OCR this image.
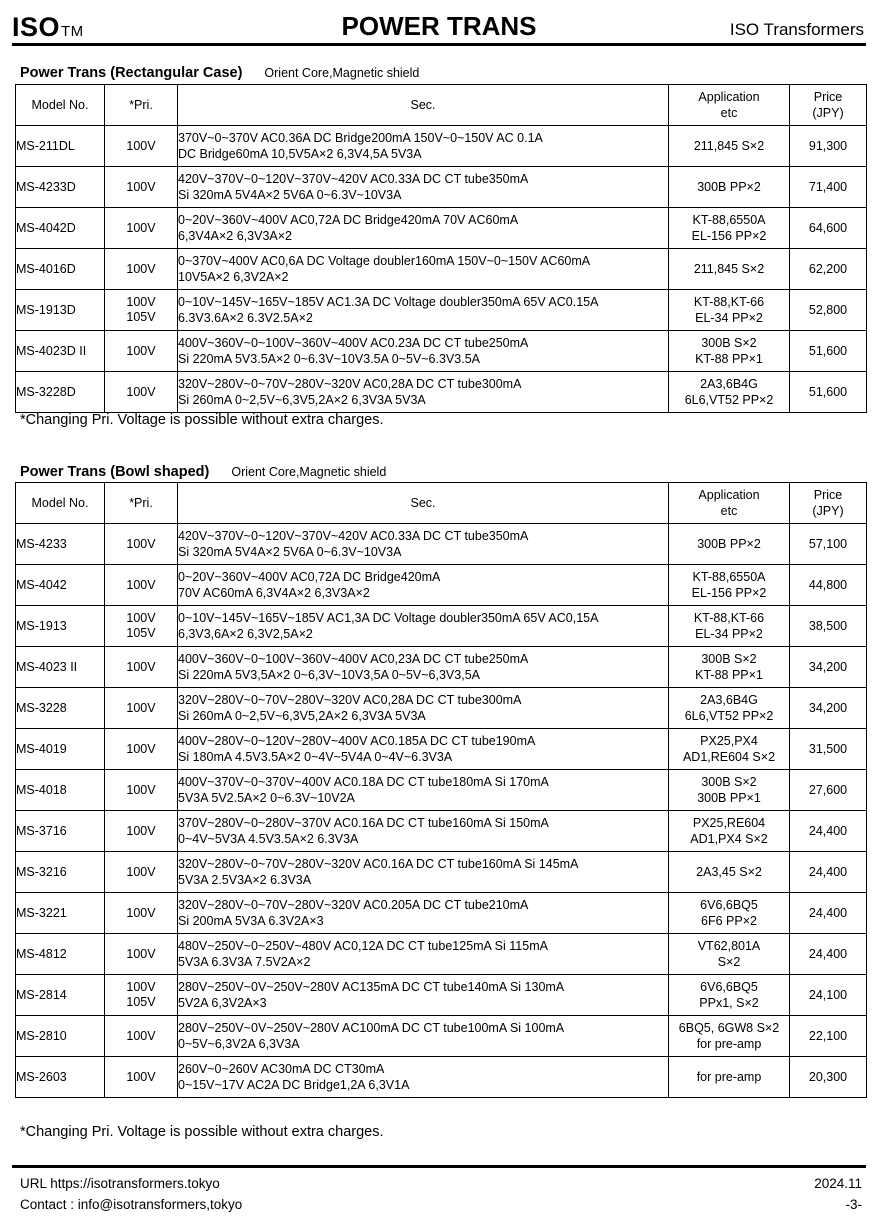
ISOTM	POWER TRANS	ISO Transformers
Power Trans (Rectangular Case) Orient Core,Magnetic shield
Model No.	*Pri.	Sec.	Application
etc	Price
(JPY)

MS-211DL	100V	370V~0~370V AC0.36A DC Bridge200mA 150V~0~150V AC 0.1A
DC Bridge60mA 10,5V5A×2 6,3V4,5A 5V3A	211,845 S×2	91,300
MS-4233D	100V	420V~370V~0~120V~370V~420V AC0.33A DC CT tube350mA
Si 320mA 5V4A×2 5V6A 0~6.3V~10V3A	300B PP×2	71,400
MS-4042D	100V	0~20V~360V~400V AC0,72A DC Bridge420mA 70V AC60mA
6,3V4A×2 6,3V3A×2	KT-88,6550A
EL-156 PP×2	64,600
MS-4016D	100V	0~370V~400V AC0,6A DC Voltage doubler160mA 150V~0~150V AC60mA
10V5A×2 6,3V2A×2	211,845 S×2	62,200
MS-1913D	100V
105V	0~10V~145V~165V~185V AC1.3A DC Voltage doubler350mA 65V AC0.15A
6.3V3.6A×2 6.3V2.5A×2	KT-88,KT-66
EL-34 PP×2	52,800
MS-4023D II	100V	400V~360V~0~100V~360V~400V AC0.23A DC CT tube250mA
Si 220mA 5V3.5A×2 0~6.3V~10V3.5A 0~5V~6.3V3.5A	300B S×2
KT-88 PP×1	51,600
MS-3228D	100V	320V~280V~0~70V~280V~320V AC0,28A DC CT tube300mA
Si 260mA 0~2,5V~6,3V5,2A×2 6,3V3A 5V3A	2A3,6B4G
6L6,VT52 PP×2	51,600
*Changing Pri. Voltage is possible without extra charges.
Power Trans (Bowl shaped) Orient Core,Magnetic shield
Model No.	*Pri.	Sec.	Application
etc	Price
(JPY)

MS-4233	100V	420V~370V~0~120V~370V~420V AC0.33A DC CT tube350mA
Si 320mA 5V4A×2 5V6A 0~6.3V~10V3A	300B PP×2	57,100
MS-4042	100V	0~20V~360V~400V AC0,72A DC Bridge420mA
70V AC60mA 6,3V4A×2 6,3V3A×2	KT-88,6550A
EL-156 PP×2	44,800
MS-1913	100V
105V	0~10V~145V~165V~185V AC1,3A DC Voltage doubler350mA 65V AC0,15A
6,3V3,6A×2 6,3V2,5A×2	KT-88,KT-66
EL-34 PP×2	38,500
MS-4023 II	100V	400V~360V~0~100V~360V~400V AC0,23A DC CT tube250mA
Si 220mA 5V3,5A×2 0~6,3V~10V3,5A 0~5V~6,3V3,5A	300B S×2
KT-88 PP×1	34,200
MS-3228	100V	320V~280V~0~70V~280V~320V AC0,28A DC CT tube300mA
Si 260mA 0~2,5V~6,3V5,2A×2 6,3V3A 5V3A	2A3,6B4G
6L6,VT52 PP×2	34,200
MS-4019	100V	400V~280V~0~120V~280V~400V AC0.185A DC CT tube190mA
Si 180mA 4.5V3.5A×2 0~4V~5V4A 0~4V~6.3V3A	PX25,PX4
AD1,RE604 S×2	31,500
MS-4018	100V	400V~370V~0~370V~400V AC0.18A DC CT tube180mA Si 170mA
5V3A 5V2.5A×2 0~6.3V~10V2A	300B S×2
300B PP×1	27,600
MS-3716	100V	370V~280V~0~280V~370V AC0.16A DC CT tube160mA Si 150mA
0~4V~5V3A 4.5V3.5A×2 6.3V3A	PX25,RE604
AD1,PX4 S×2	24,400
MS-3216	100V	320V~280V~0~70V~280V~320V AC0.16A DC CT tube160mA Si 145mA
5V3A 2.5V3A×2 6.3V3A	2A3,45 S×2	24,400
MS-3221	100V	320V~280V~0~70V~280V~320V AC0.205A DC CT tube210mA
Si 200mA 5V3A 6.3V2A×3	6V6,6BQ5
6F6 PP×2	24,400
MS-4812	100V	480V~250V~0~250V~480V AC0,12A DC CT tube125mA Si 115mA
5V3A 6.3V3A 7.5V2A×2	VT62,801A
S×2	24,400
MS-2814	100V
105V	280V~250V~0V~250V~280V AC135mA DC CT tube140mA Si 130mA
5V2A 6,3V2A×3	6V6,6BQ5
PPx1, S×2	24,100
MS-2810	100V	280V~250V~0V~250V~280V AC100mA DC CT tube100mA Si 100mA
0~5V~6,3V2A 6,3V3A	6BQ5, 6GW8 S×2
for pre-amp	22,100
MS-2603	100V	260V~0~260V AC30mA DC CT30mA
0~15V~17V AC2A DC Bridge1,2A 6,3V1A	for pre-amp	20,300
*Changing Pri. Voltage is possible without extra charges.
URL https://isotransformers.tokyo
Contact : info@isotransformers,tokyo
2024.11
-3-
